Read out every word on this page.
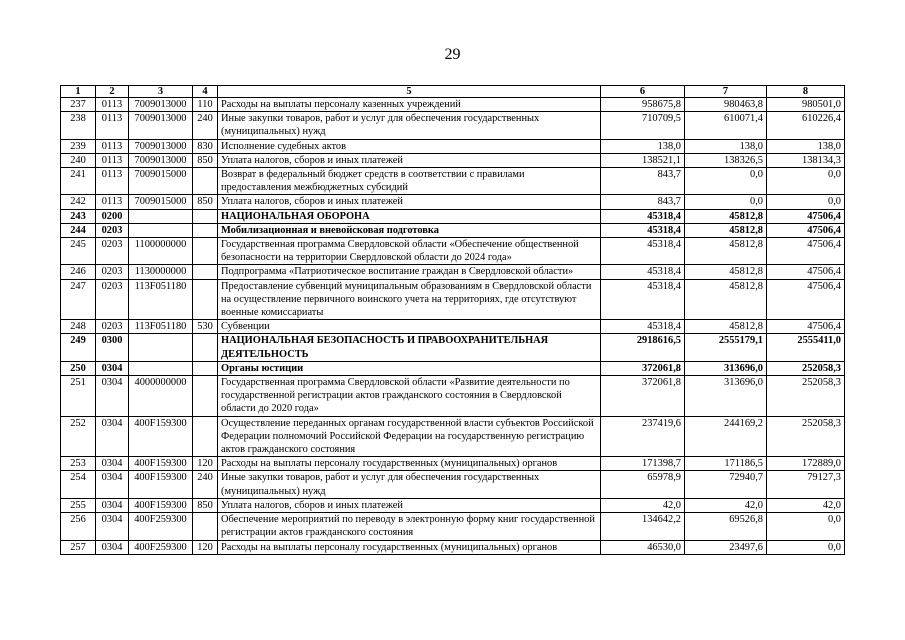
29
1	2	3	4	5	6	7	8
237	0113	7009013000	110	Расходы на выплаты персоналу казенных учреждений	958675,8	980463,8	980501,0
238	0113	7009013000	240	Иные закупки товаров, работ и услуг для обеспечения государственных (муниципальных) нужд	710709,5	610071,4	610226,4
239	0113	7009013000	830	Исполнение судебных актов	138,0	138,0	138,0
240	0113	7009013000	850	Уплата налогов, сборов и иных платежей	138521,1	138326,5	138134,3
241	0113	7009015000		Возврат в федеральный бюджет средств в соответствии с правилами предоставления межбюджетных субсидий	843,7	0,0	0,0
242	0113	7009015000	850	Уплата налогов, сборов и иных платежей	843,7	0,0	0,0
243	0200			НАЦИОНАЛЬНАЯ ОБОРОНА	45318,4	45812,8	47506,4
244	0203			Мобилизационная и вневойсковая подготовка	45318,4	45812,8	47506,4
245	0203	1100000000		Государственная программа Свердловской области «Обеспечение общественной безопасности на территории Свердловской области до 2024 года»	45318,4	45812,8	47506,4
246	0203	1130000000		Подпрограмма «Патриотическое воспитание граждан в Свердловской области»	45318,4	45812,8	47506,4
247	0203	113F051180		Предоставление субвенций муниципальным образованиям в Свердловской области на осуществление первичного воинского учета на территориях, где отсутствуют военные комиссариаты	45318,4	45812,8	47506,4
248	0203	113F051180	530	Субвенции	45318,4	45812,8	47506,4
249	0300			НАЦИОНАЛЬНАЯ БЕЗОПАСНОСТЬ И ПРАВООХРАНИТЕЛЬНАЯ ДЕЯТЕЛЬНОСТЬ	2918616,5	2555179,1	2555411,0
250	0304			Органы юстиции	372061,8	313696,0	252058,3
251	0304	4000000000		Государственная программа Свердловской области «Развитие деятельности по государственной регистрации актов гражданского состояния в Свердловской области до 2020 года»	372061,8	313696,0	252058,3
252	0304	400F159300		Осуществление переданных органам государственной власти субъектов Российской Федерации полномочий Российской Федерации на государственную регистрацию актов гражданского состояния	237419,6	244169,2	252058,3
253	0304	400F159300	120	Расходы на выплаты персоналу государственных (муниципальных) органов	171398,7	171186,5	172889,0
254	0304	400F159300	240	Иные закупки товаров, работ и услуг для обеспечения государственных (муниципальных) нужд	65978,9	72940,7	79127,3
255	0304	400F159300	850	Уплата налогов, сборов и иных платежей	42,0	42,0	42,0
256	0304	400F259300		Обеспечение мероприятий по переводу в электронную форму книг государственной регистрации актов гражданского состояния	134642,2	69526,8	0,0
257	0304	400F259300	120	Расходы на выплаты персоналу государственных (муниципальных) органов	46530,0	23497,6	0,0
